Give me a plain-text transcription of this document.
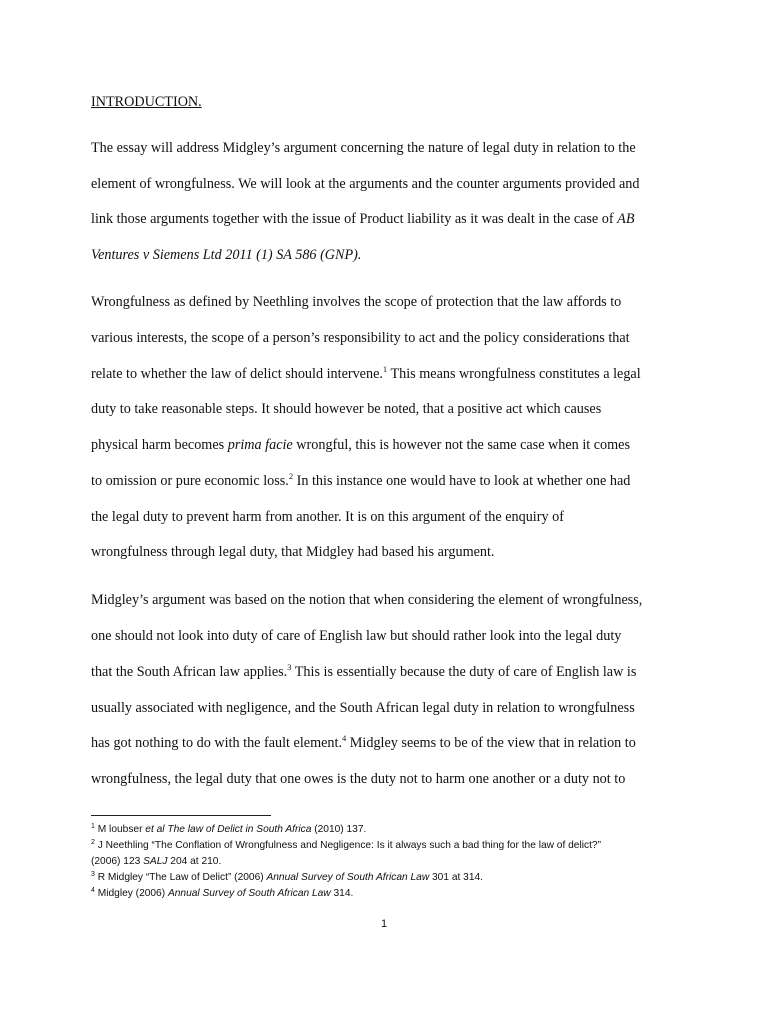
INTRODUCTION.
The essay will address Midgley’s argument concerning the nature of legal duty in relation to the
element of wrongfulness. We will look at the arguments and the counter arguments provided and
link those arguments together with the issue of Product liability as it was dealt in the case of AB
Ventures v Siemens Ltd 2011 (1) SA 586 (GNP).
Wrongfulness as defined by Neethling involves the scope of protection that the law affords to
various interests, the scope of a person’s responsibility to act and the policy considerations that
relate to whether the law of delict should intervene.$^1$ This means wrongfulness constitutes a legal
duty to take reasonable steps. It should however be noted, that a positive act which causes
physical harm becomes prima facie wrongful, this is however not the same case when it comes
to omission or pure economic loss.$^2$ In this instance one would have to look at whether one had
the legal duty to prevent harm from another. It is on this argument of the enquiry of
wrongfulness through legal duty, that Midgley had based his argument.
Midgley’s argument was based on the notion that when considering the element of wrongfulness,
one should not look into duty of care of English law but should rather look into the legal duty
that the South African law applies.$^3$ This is essentially because the duty of care of English law is
usually associated with negligence, and the South African legal duty in relation to wrongfulness
has got nothing to do with the fault element.$^4$ Midgley seems to be of the view that in relation to
wrongfulness, the legal duty that one owes is the duty not to harm one another or a duty not to
$^1$ M loubser et al The law of Delict in South Africa (2010) 137.
$^2$ J Neethling “The Conflation of Wrongfulness and Negligence: Is it always such a bad thing for the law of delict?”
(2006) 123 SALJ 204 at 210.
$^3$ R Midgley “The Law of Delict” (2006) Annual Survey of South African Law 301 at 314.
$^4$ Midgley (2006) Annual Survey of South African Law 314.
1
